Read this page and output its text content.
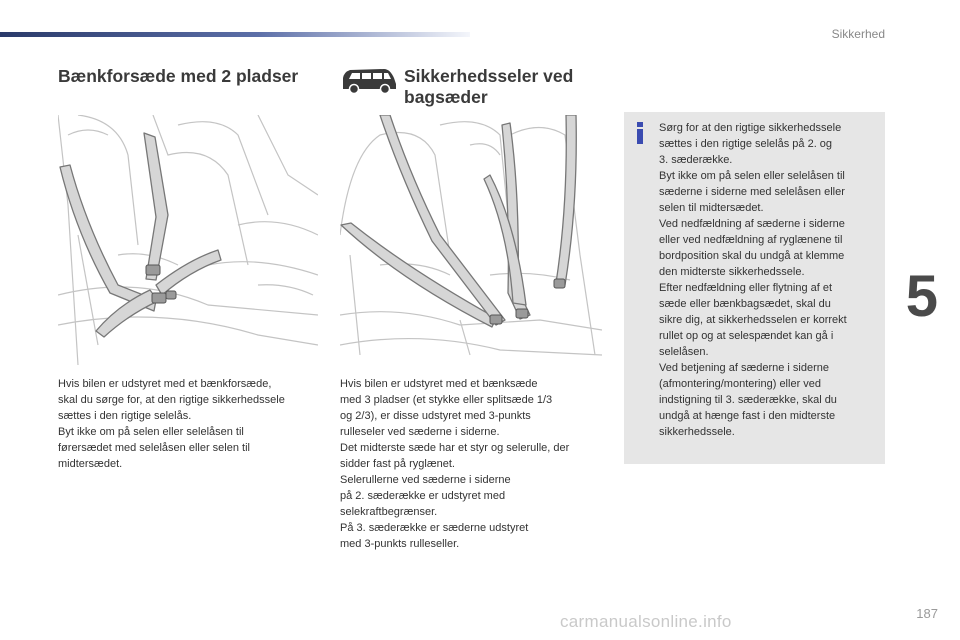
Sikkerhed
Bænkforsæde med 2 pladser	Sikkerhedsseler ved
bagsæder
Hvis bilen er udstyret med et bænkforsæde,
skal du sørge for, at den rigtige sikkerhedssele
sættes i den rigtige selelås.
Byt ikke om på selen eller selelåsen til
førersædet med selelåsen eller selen til
midtersædet.
Hvis bilen er udstyret med et bænksæde
med 3 pladser (et stykke eller splitsæde 1/3
og 2/3), er disse udstyret med 3-punkts
rulleseler ved sæderne i siderne.
Det midterste sæde har et styr og selerulle, der
sidder fast på ryglænet.
Selerullerne ved sæderne i siderne
på 2. sæderække er udstyret med
selekraftbegrænser.
På 3. sæderække er sæderne udstyret
med 3-punkts rulleseller.
Sørg for at den rigtige sikkerhedssele
sættes i den rigtige selelås på 2. og
3. sæderække.
Byt ikke om på selen eller selelåsen til
sæderne i siderne med selelåsen eller
selen til midtersædet.
Ved nedfældning af sæderne i siderne
eller ved nedfældning af ryglænene til
bordposition skal du undgå at klemme
den midterste sikkerhedssele.
Efter nedfældning eller flytning af et
sæde eller bænkbagsædet, skal du
sikre dig, at sikkerhedsselen er korrekt
rullet op og at selespændet kan gå i
selelåsen.
Ved betjening af sæderne i siderne
(afmontering/montering) eller ved
indstigning til 3. sæderække, skal du
undgå at hænge fast i den midterste
sikkerhedssele.
5
187
carmanualsonline.info
